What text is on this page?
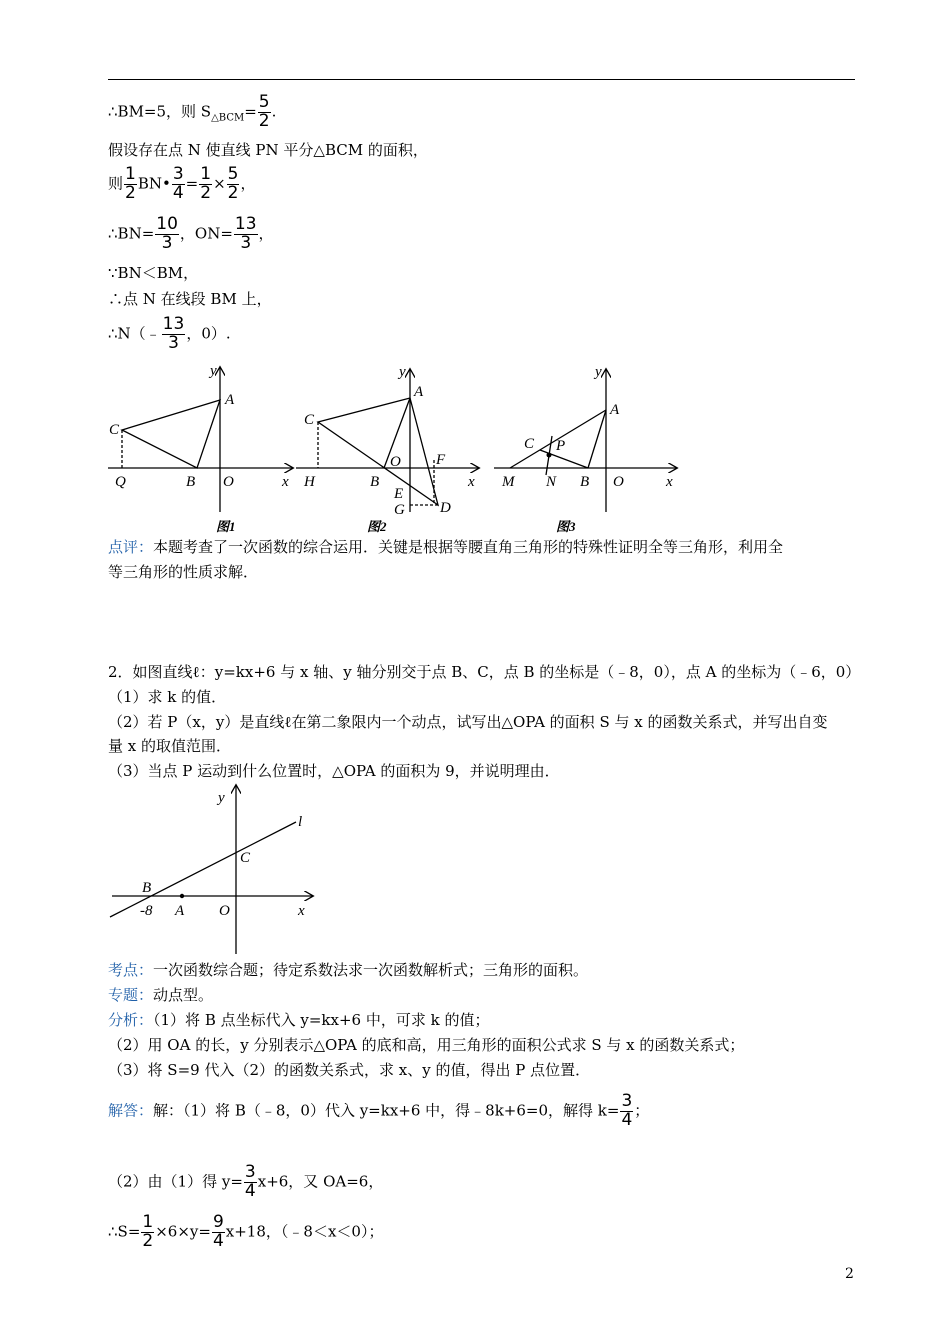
∴BM=5，则 $S_{\triangle BCM}= \frac{5}{2}$ .
假设存在点 N 使直线 PN 平分△BCM 的面积，
则 $\frac{1}{2}$ BN• $\frac{3}{4} = \frac{1}{2} \times \frac{5}{2}$ ，
∴BN= $\frac{10}{3}$ ，$ON= \frac{13}{3}$ ，
∵BN＜BM，
∴点 N 在线段 BM 上，
∴N（﹣ $\frac{13}{3}$ ，0）.
y
A
C
Q	B O	x
图1
y
A
C
H	B
O F
x
E
G D
图2
y
A
C P
M N B O	x
图3
点评：本题考查了一次函数的综合运用．关键是根据等腰直角三角形的特殊性证明全等三角形，利用全
等三角形的性质求解．
2．如图直线ℓ：y=kx+6 与 x 轴、y 轴分别交于点 B、C，点 B 的坐标是（﹣8，0），点 A 的坐标为（﹣6，0）
（1）求 k 的值．
（2）若 P（x，y）是直线ℓ在第二象限内一个动点，试写出△OPA 的面积 S 与 x 的函数关系式，并写出自变
量 x 的取值范围．
（3）当点 P 运动到什么位置时，△OPA 的面积为 9，并说明理由．
y
l
C
B
-8 A O	x
考点：一次函数综合题；待定系数法求一次函数解析式；三角形的面积。
专题：动点型。
分析：（1）将 B 点坐标代入 y=kx+6 中，可求 k 的值；
（2）用 OA 的长，y 分别表示△OPA 的底和高，用三角形的面积公式求 S 与 x 的函数关系式；
（3）将 S=9 代入（2）的函数关系式，求 x、y 的值，得出 P 点位置．
解答：解：（1）将 B（﹣8，0）代入 y=kx+6 中，得﹣8k+6=0，解得 $k= \frac{3}{4}$ ；
（2）由（1）得 $y= \frac{3}{4} x+6$，又 OA=6，
∴S= $\frac{1}{2} \times 6\times y= \frac{9}{4} x+18$，（﹣8＜x＜0）；
2
